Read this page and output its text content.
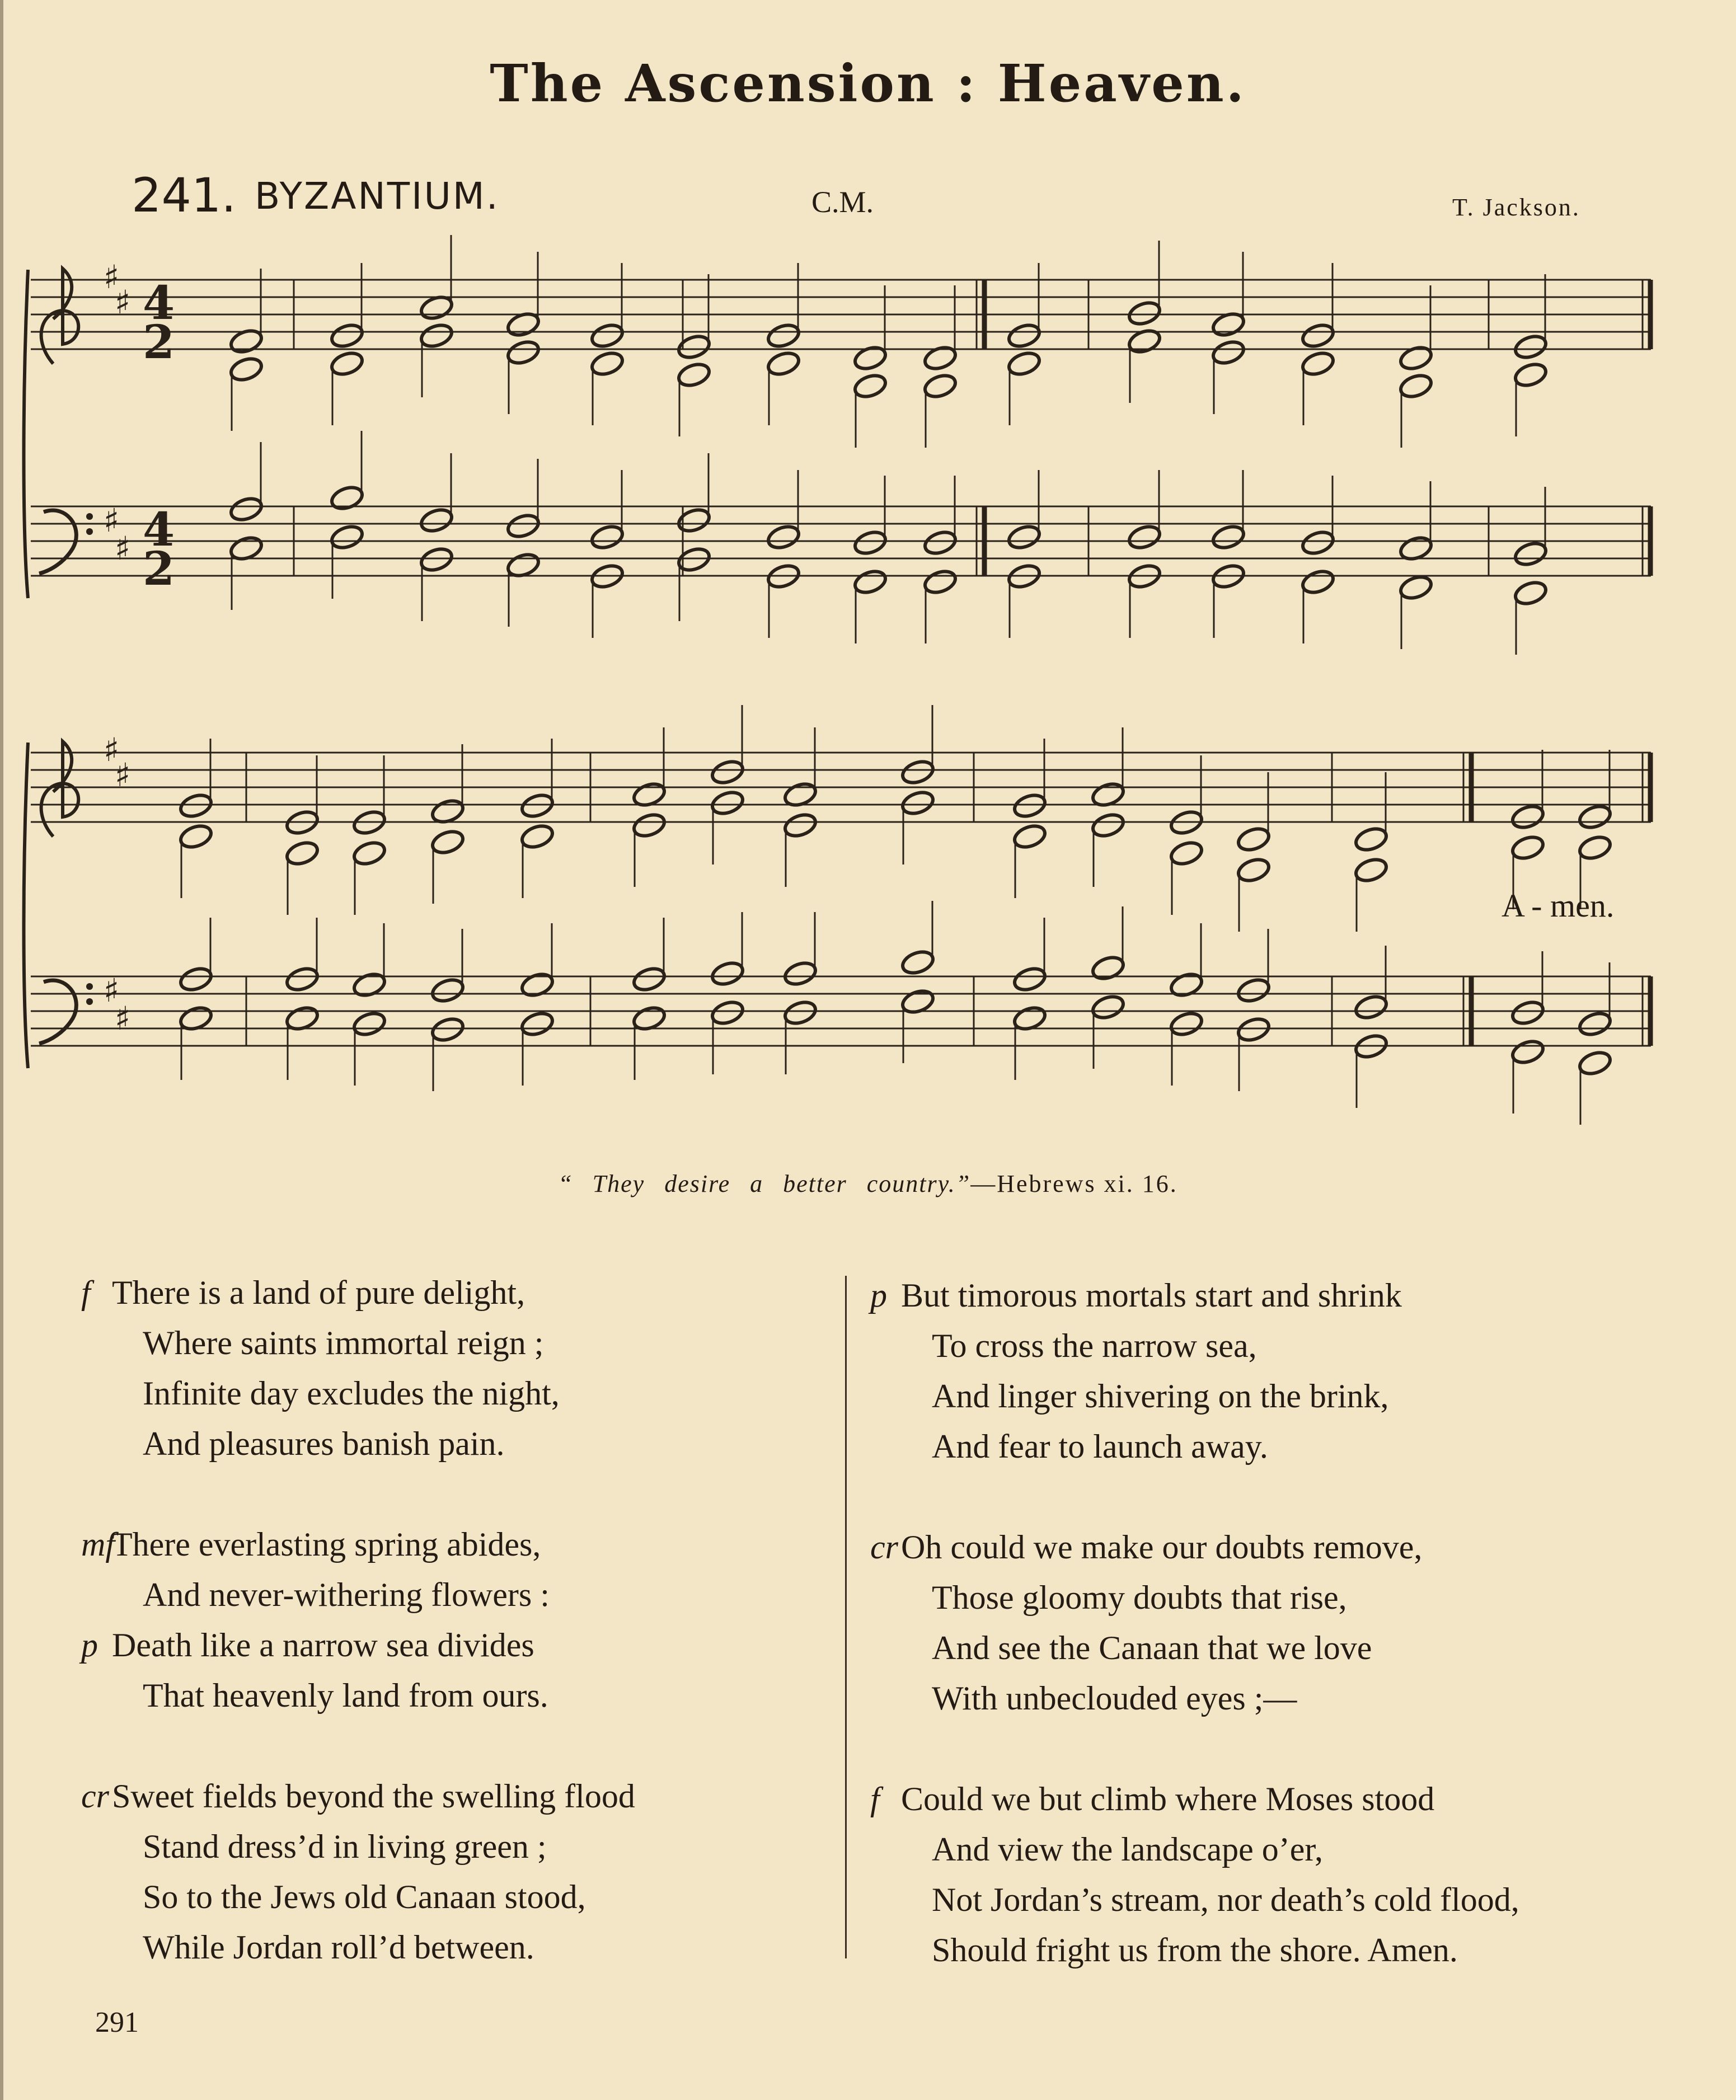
The Ascension : Heaven.
241. BYZANTIUM.	C.M.	T. Jackson.
♯
♯
♯
♯
4
2
4
2
♯
♯
♯
♯
A - men.
“ They desire a better country.”—Hebrews xi. 16.
f There is a land of pure delight,
Where saints immortal reign ;
Infinite day excludes the night,
And pleasures banish pain.
mfThere everlasting spring abides,
And never-withering flowers :
p Death like a narrow sea divides
That heavenly land from ours.
crSweet fields beyond the swelling flood
Stand dress’d in living green ;
So to the Jews old Canaan stood,
While Jordan roll’d between.
p But timorous mortals start and shrink
To cross the narrow sea,
And linger shivering on the brink,
And fear to launch away.
crOh could we make our doubts remove,
Those gloomy doubts that rise,
And see the Canaan that we love
With unbeclouded eyes ;—
f Could we but climb where Moses stood
And view the landscape o’er,
Not Jordan’s stream, nor death’s cold flood,
Should fright us from the shore. Amen.
291
